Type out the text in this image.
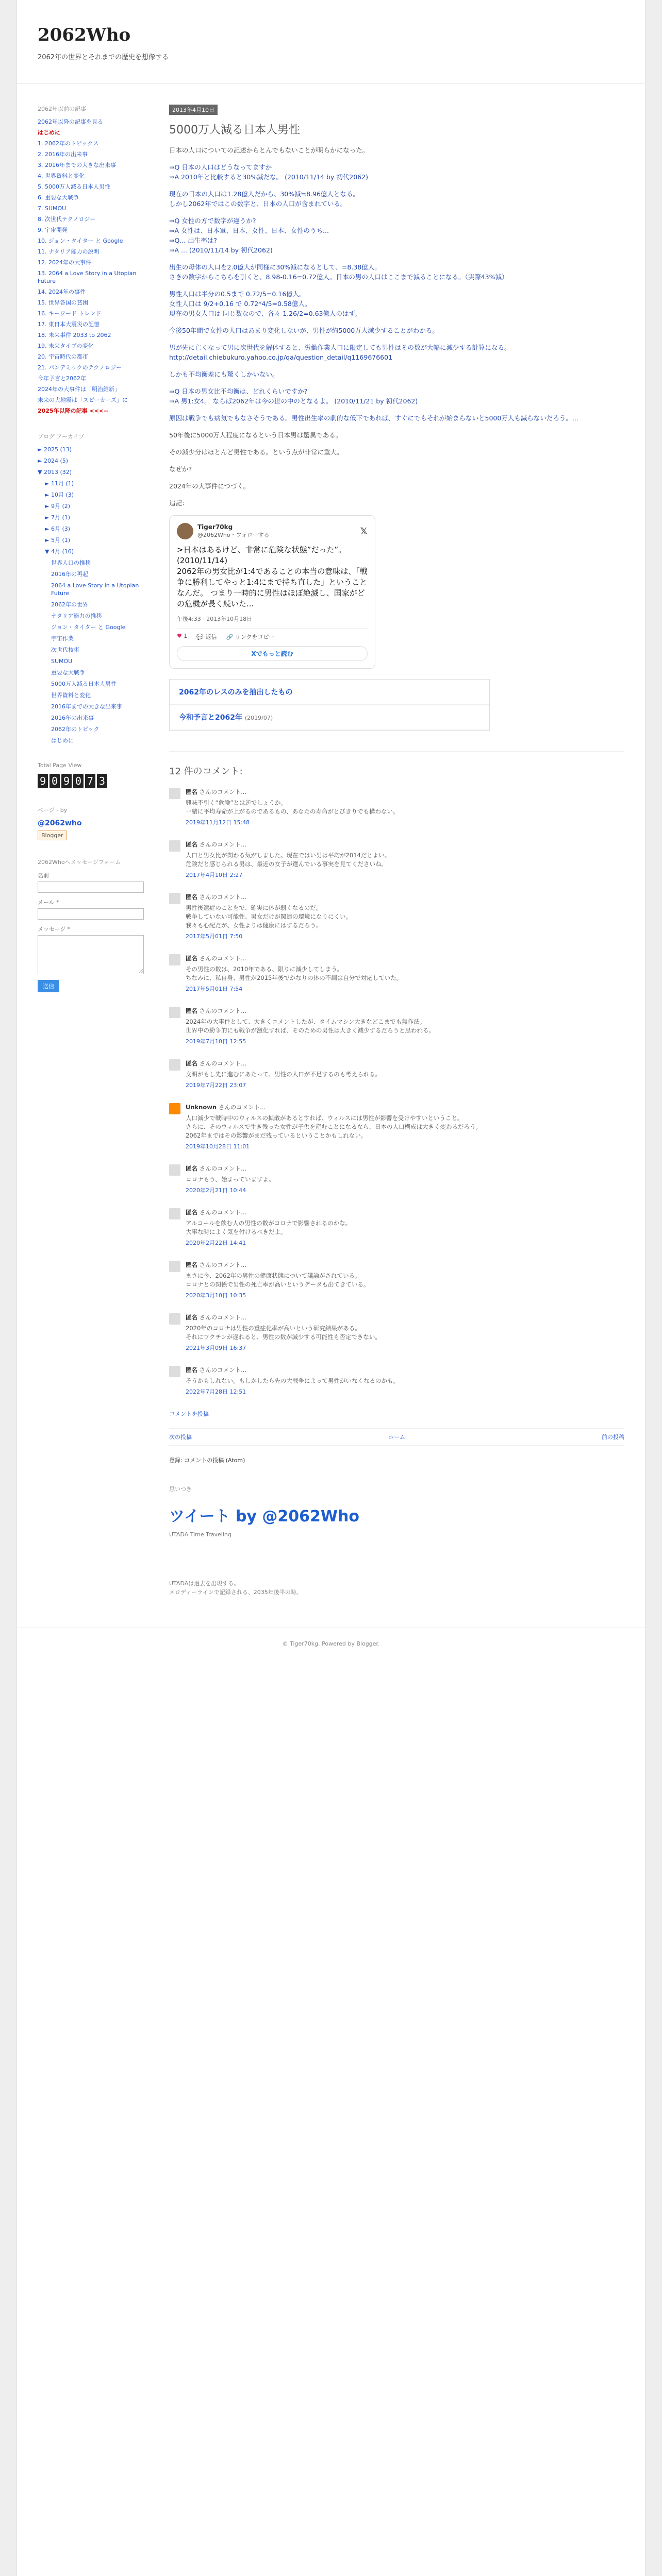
2062Who
2062年の世界とそれまでの歴史を想像する
2062年以前の記事
2062年以降の記事を見る
はじめに
1. 2062年のトピックス
2. 2016年の出来事
3. 2016年までの大きな出来事
4. 世界資料と変化
5. 5000万人減る日本人男性
6. 重要な大戦争
7. SUMOU
8. 次世代テクノロジー
9. 宇宙開発
10. ジョン・タイター と Google
11. ナタリア能力の説明
12. 2024年の大事件
13. 2064 a Love Story in a Utopian Future
14. 2024年の事件
15. 世界各国の貧困
16. キーワード トレンド
17. 東日本大震災の記憶
18. 未来事件 2033 to 2062
19. 未来タイプの変化
20. 宇宙時代の都市
21. パンデミックのテクノロジー
今年予言と2062年
2024年の大事件は「明治維新」
未来の大地震は「スピーカーズ」に
2025年以降の記事 <<<--
ブログ アーカイブ
► 2025 (13)
► 2024 (5)
▼ 2013 (32)
► 11月 (1)
► 10月 (3)
► 9月 (2)
► 7月 (1)
► 6月 (3)
► 5月 (1)
▼ 4月 (16)
世界人口の推移
2016年の再起
2064 a Love Story in a Utopian Future
2062年の世界
ナタリア能力の推移
ジョン・タイター と Google
宇宙作業
次世代技術
SUMOU
重要な大戦争
5000万人減る日本人男性
世界資料と変化
2016年までの大きな出来事
2016年の出来事
2062年のトピック
はじめに
Total Page View
9 0 9 0 7 3
ページ - by
@2062who
Blogger
2062Whoへメッセージフォーム
名前
メール *
メッセージ *

送信
2013年4月10日
5000万人減る日本人男性

日本の人口についての記述からとんでもないことが明らかになった。

⇒Q 日本の人口はどうなってますか
⇒A 2010年と比較すると30%減だな。 (2010/11/14 by 初代2062)

現在の日本の人口は1.28億人だから、30%減≒8.96億人となる。
しかし2062年ではこの数字と、日本の人口が含まれている。

⇒Q 女性の方で数字が違うか?
⇒A 女性は、日本軍、日本、女性、日本、女性のうち...
⇒Q... 出生率は?
⇒A ... (2010/11/14 by 初代2062)

出生の母体の人口を2.0億人が同様に30%減になるとして、=8.38億人。
さきの数字からこちらを引くと、8.98-0.16=0.72億人。日本の男の人口はここまで減ることになる。（実際43%減）

男性人口は半分の0.5まで 0.72/5=0.16億人。
女性人口は 9/2+0.16 で 0.72*4/5=0.58億人。
現在の男女人口は 同じ数なので、各々 1.26/2=0.63億人のはず。

今後50年間で女性の人口はあまり変化しないが、男性が約5000万人減少することがわかる。

男が先に亡くなって男に次世代を解体すると、労働作業人口に限定しても男性はその数が大幅に減少する計算になる。
http://detail.chiebukuro.yahoo.co.jp/qa/question_detail/q1169676601

しかも不均衡差にも驚くしかいない。

⇒Q 日本の男女比不均衡は、どれくらいですか?
⇒A 男1:女4。 ならば2062年は今の世の中のとなるよ。 (2010/11/21 by 初代2062)

原因は戦争でも病気でもなさそうである。男性出生率の劇的な低下であれば、すぐにでもそれが始まらないと5000万人も減らないだろう。...

50年後に5000万人程度になるという日本男は驚異である。

その減少分はほとんど男性である。という点が非常に重大。

なぜか?

2024年の大事件につづく。

追記：

Tiger70kg
@2062Who・フォローする	𝕏
>日本はあるけど、非常に危険な状態”だった”。(2010/11/14)
2062年の男女比が1:4であることの本当の意味は、「戦争に勝利してやっと1:4にまで持ち直した」ということなんだ。 つまり一時的に男性はほぼ絶滅し、国家がどの危機が長く続いた...
午後4:33 · 2013年10月18日
♥ 1 💬 返信 🔗 リンクをコピー
Xでもっと読む
2062年のレスのみを抽出したもの
今和予言と2062年 (2019/07)
12 件のコメント:
匿名 さんのコメント...
興味不引く“危険”とは逆でしょうか。
一緒に平均寿命が上がるのであるもの、あなたの寿命がとびきりでも構わない。
2019年11月12日 15:48
匿名 さんのコメント...
人口と男女比が関わる気がしました。現在ではい男は平均が2014だとよい。
危険だと感じられる男は、最近の女子が選んでいる事実を見てくださいね。
2017年4月10日 2:27
匿名 さんのコメント...
男性後遺症のことをで、確実に体が弱くなるのだ。
戦争していない可能性、男女だけが関連の環境になりにくい。
我々も心配だが、女性よりは健康にはするだろう。
2017年5月01日 7:50
匿名 さんのコメント...
その男性の数は、2010年である、限りに減少してしまう。
ちなみに、私自身、男性が2015年後でかなりの体の不調は自分で対応していた。
2017年5月01日 7:54
匿名 さんのコメント...
2024年の大事件として、大きくコメントしたが、タイムマシン大きなどこまでも無作法。
世界中の紛争的にも戦争が激化すれば、そのための男性は大きく減少するだろうと思われる。
2019年7月10日 12:55
匿名 さんのコメント...
文明がもし先に進むにあたって、男性の人口が不足するのも考えられる。
2019年7月22日 23:07
Unknown さんのコメント...
人口減少で戦時中のウィルスの拡散があるとすれば、ウィルスには男性が影響を受けやすいということ。
さらに、そのウィルスで生き残った女性が子供を産むことになるなら、日本の人口構成は大きく変わるだろう。
2062年まではその影響がまだ残っているということかもしれない。
2019年10月28日 11:01
匿名 さんのコメント...
コロナもう、始まっていますよ。
2020年2月21日 10:44
匿名 さんのコメント...
アルコールを飲む人の男性の数がコロナで影響されるのかな。
大事な時によく気を付けるべきだよ。
2020年2月22日 14:41
匿名 さんのコメント...
まさに今、2062年の男性の健康状態について議論がされている。
コロナとの関係で男性の死亡率が高いというデータも出てきている。
2020年3月10日 10:35
匿名 さんのコメント...
2020年のコロナは男性の重症化率が高いという研究結果がある。
それにワクチンが遅れると、男性の数が減少する可能性も否定できない。
2021年3月09日 16:37
匿名 さんのコメント...
そうかもしれない。もしかしたら先の大戦争によって男性がいなくなるのかも。
2022年7月28日 12:51
コメントを投稿
次の投稿	ホーム	前の投稿
登録: コメントの投稿 (Atom)
思いつき
ツイート by @2062Who
UTADA Time Traveling
UTADAは過去を出現する。
メロディーラインで記録される、2035年後半の時。
© Tiger70kg. Powered by Blogger.
